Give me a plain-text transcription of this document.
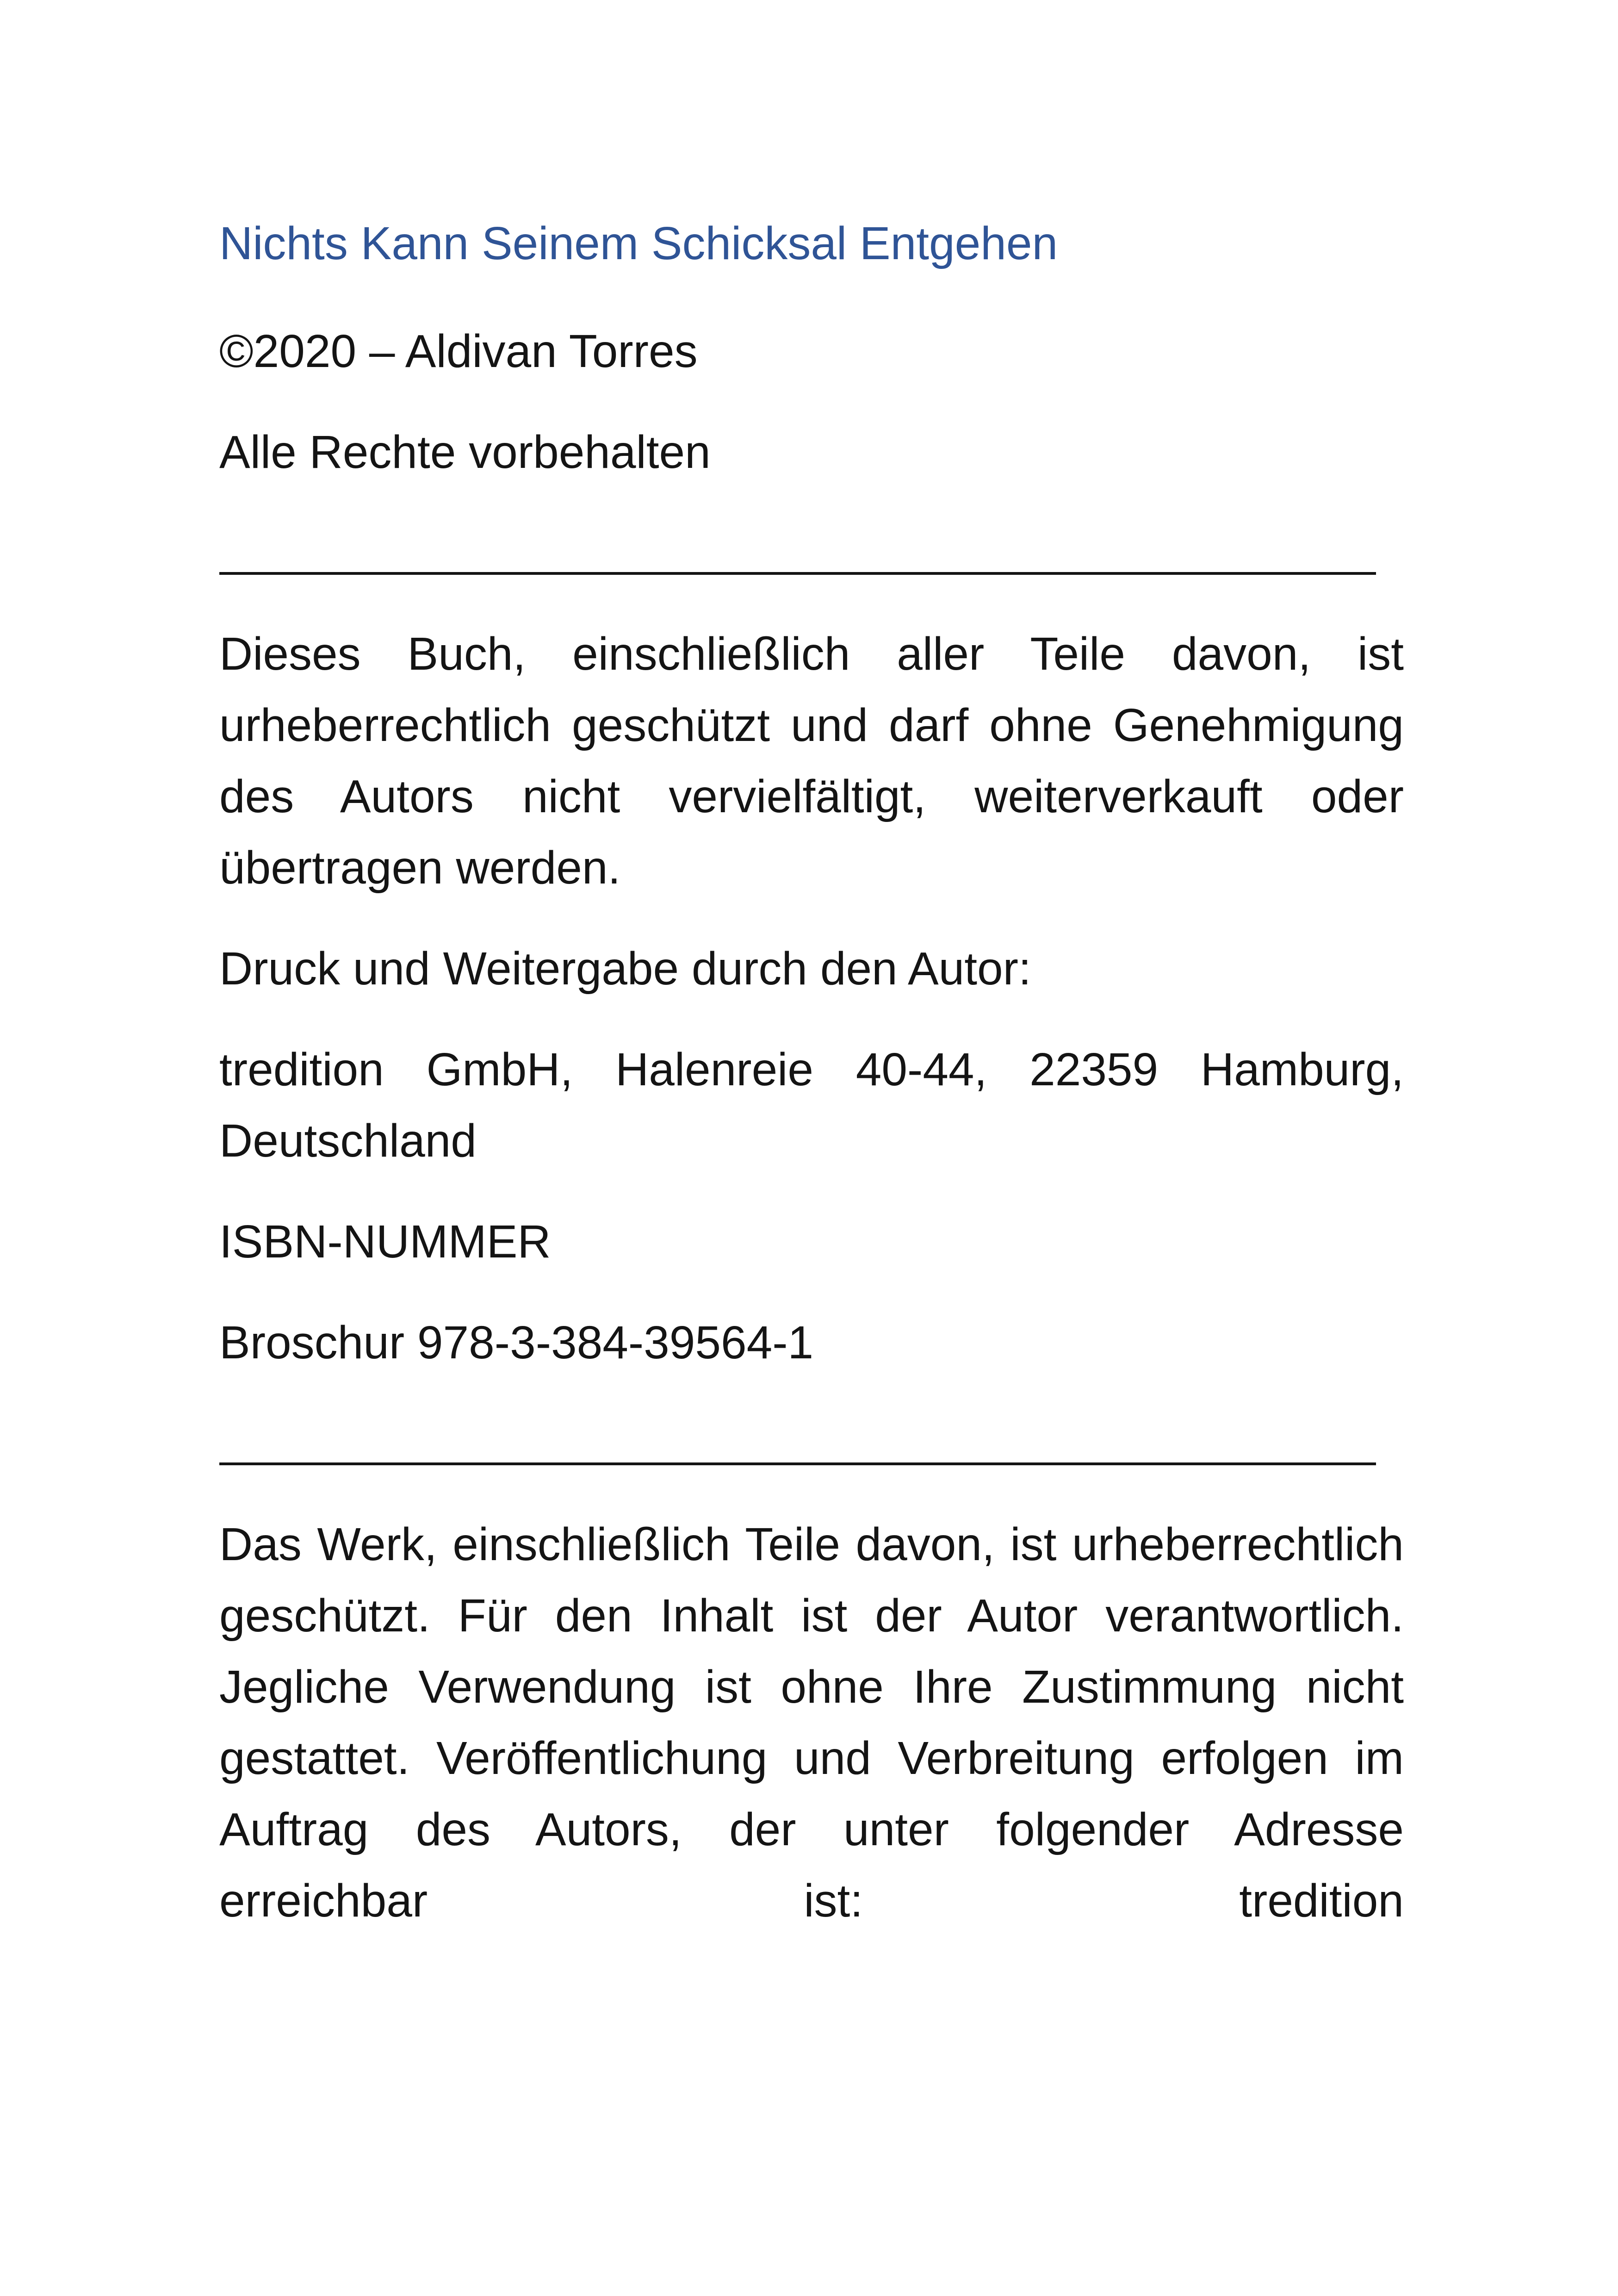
Nichts Kann Seinem Schicksal Entgehen
©2020 – Aldivan Torres
Alle Rechte vorbehalten
Dieses Buch, einschließlich aller Teile davon, ist urheberrechtlich geschützt und darf ohne Genehmigung des Autors nicht vervielfältigt, weiterverkauft oder übertragen werden.
Druck und Weitergabe durch den Autor:
tredition GmbH, Halenreie 40-44, 22359 Hamburg, Deutschland
ISBN-NUMMER
Broschur 978-3-384-39564-1
Das Werk, einschließlich Teile davon, ist urheberrechtlich geschützt. Für den Inhalt ist der Autor verantwortlich. Jegliche Verwendung ist ohne Ihre Zustimmung nicht gestattet. Veröffentlichung und Verbreitung erfolgen im Auftrag des Autors, der unter folgender Adresse erreichbar ist: tredition
